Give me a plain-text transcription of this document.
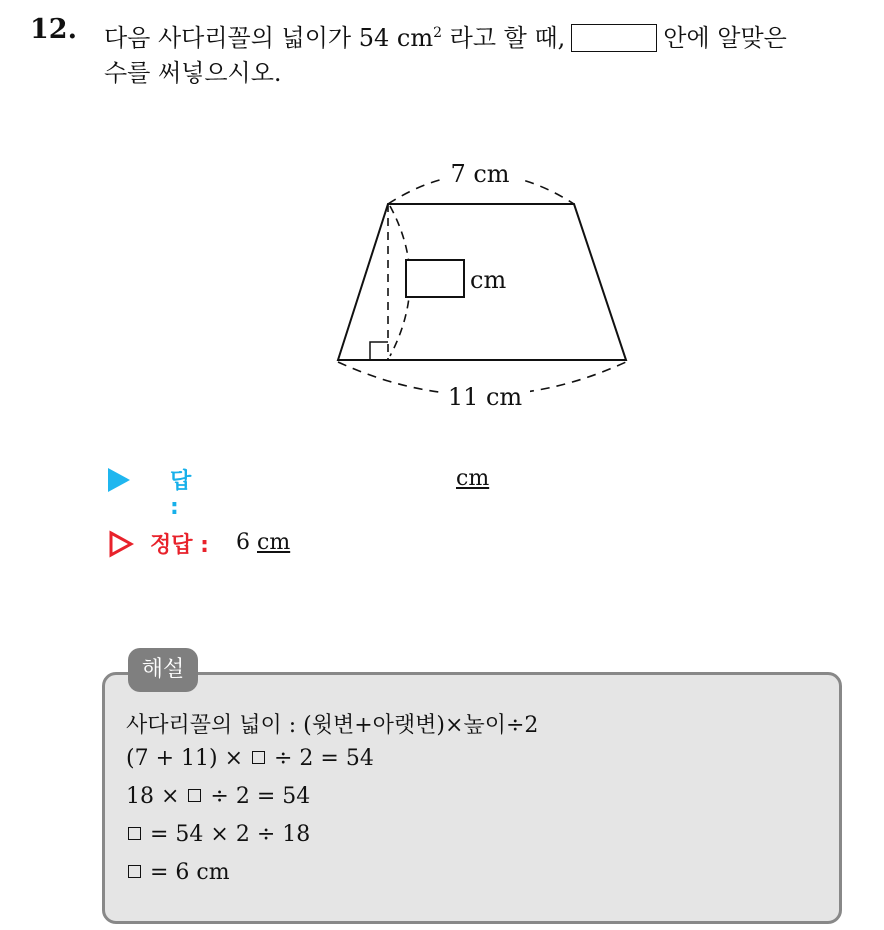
12. 다음 사다리꼴의 넓이가 54 $cm^2$ 라고 할 때,	안에 알맞은
수를 써넣으시오.
cm
7 cm
11 cm
답 :
cm
정답 : 6 cm
해설
사다리꼴의 넓이 : (윗변+아랫변)×높이÷2
(7 + 11) ×  ÷ 2 = 54
18 ×  ÷ 2 = 54
= 54 × 2 ÷ 18
= 6 cm
